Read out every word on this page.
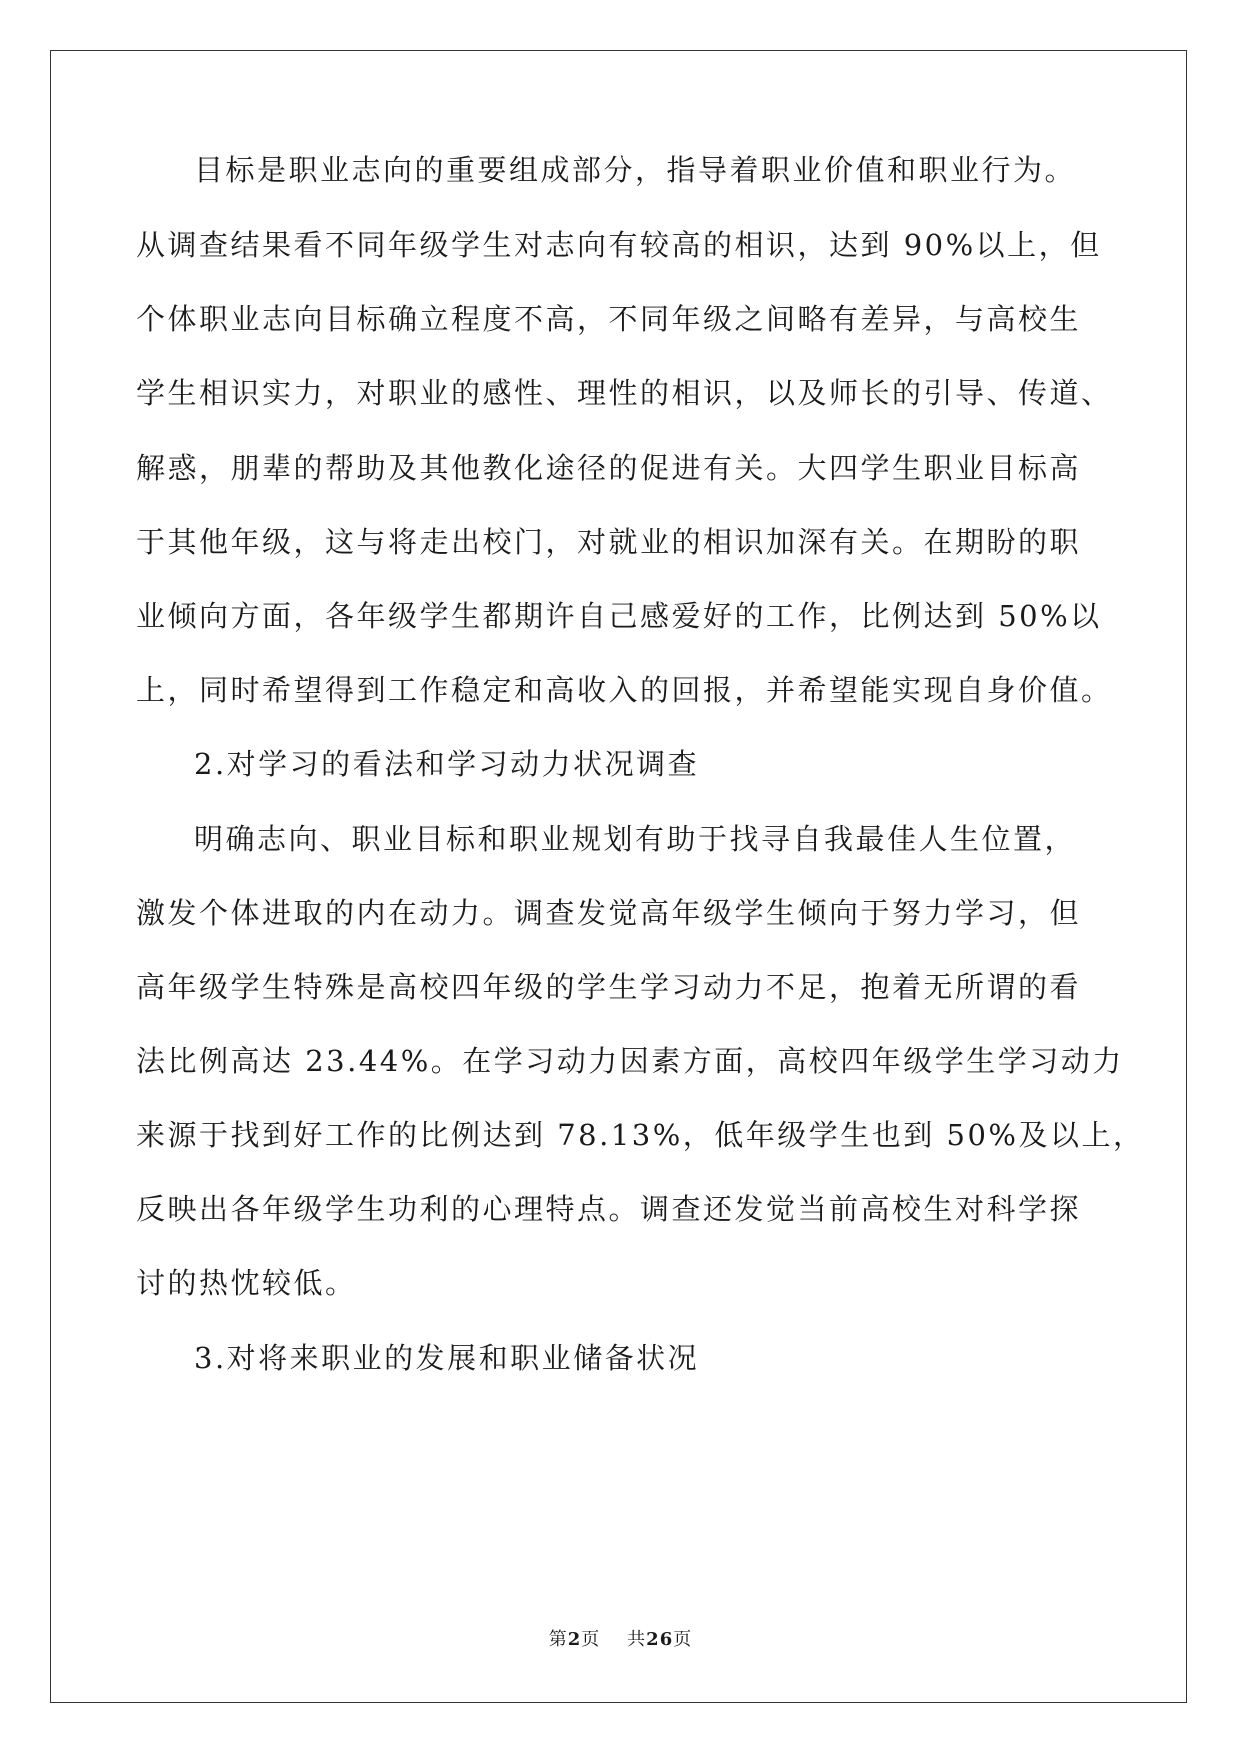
目标是职业志向的重要组成部分，指导着职业价值和职业行为。
从调查结果看不同年级学生对志向有较高的相识，达到 90%以上，但
个体职业志向目标确立程度不高，不同年级之间略有差异，与高校生
学生相识实力，对职业的感性、理性的相识，以及师长的引导、传道、
解惑，朋辈的帮助及其他教化途径的促进有关。大四学生职业目标高
于其他年级，这与将走出校门，对就业的相识加深有关。在期盼的职
业倾向方面，各年级学生都期许自己感爱好的工作，比例达到 50%以
上，同时希望得到工作稳定和高收入的回报，并希望能实现自身价值。
2.对学习的看法和学习动力状况调查
明确志向、职业目标和职业规划有助于找寻自我最佳人生位置，
激发个体进取的内在动力。调查发觉高年级学生倾向于努力学习，但
高年级学生特殊是高校四年级的学生学习动力不足，抱着无所谓的看
法比例高达 23.44%。在学习动力因素方面，高校四年级学生学习动力
来源于找到好工作的比例达到 78.13%，低年级学生也到 50%及以上，
反映出各年级学生功利的心理特点。调查还发觉当前高校生对科学探
讨的热忱较低。
3.对将来职业的发展和职业储备状况
第2页 共26页
